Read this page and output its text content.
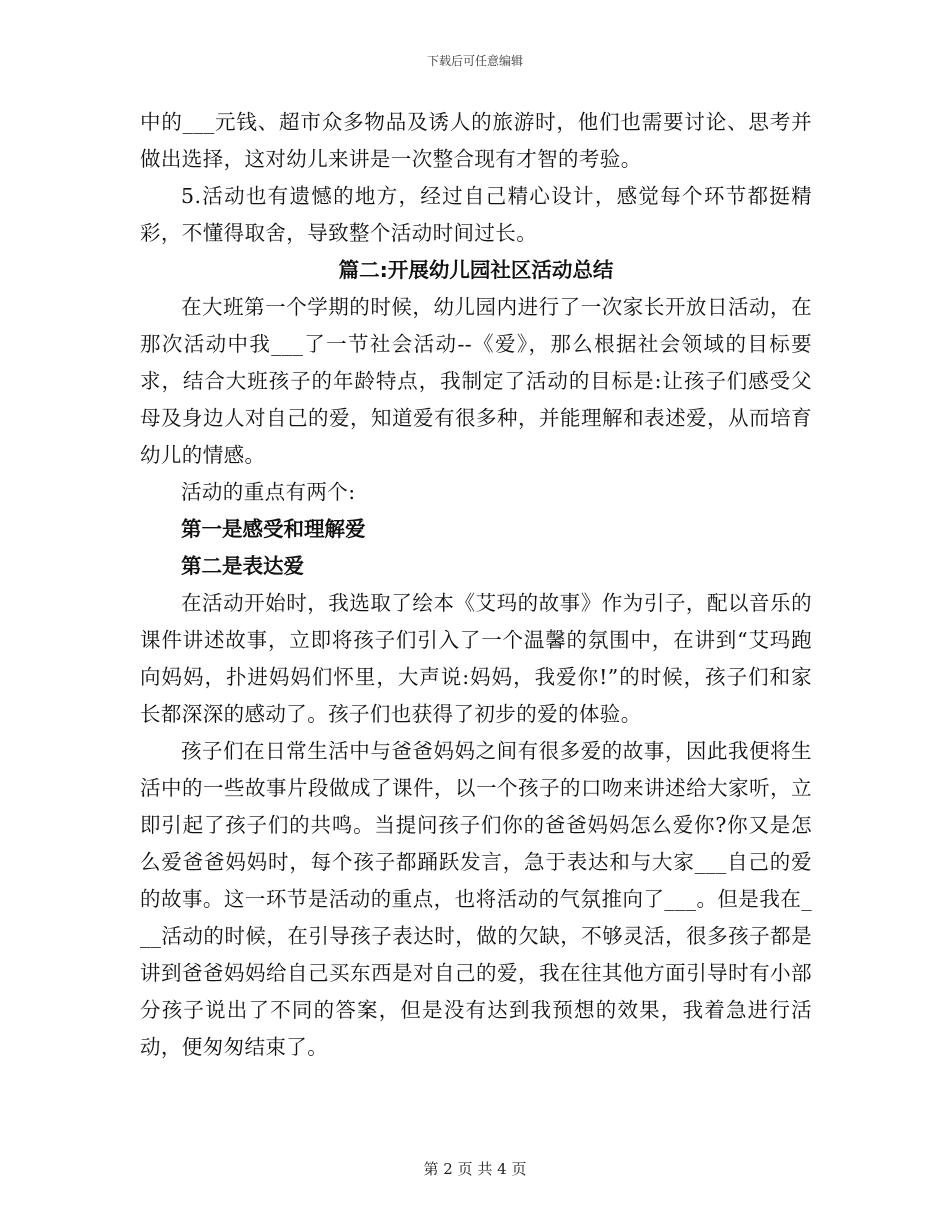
下载后可任意编辑

中的___元钱、超市众多物品及诱人的旅游时，他们也需要讨论、思考并做出选择，这对幼儿来讲是一次整合现有才智的考验。

5.活动也有遗憾的地方，经过自己精心设计，感觉每个环节都挺精彩，不懂得取舍，导致整个活动时间过长。

篇二:开展幼儿园社区活动总结

在大班第一个学期的时候，幼儿园内进行了一次家长开放日活动，在那次活动中我___了一节社会活动--《爱》，那么根据社会领域的目标要求，结合大班孩子的年龄特点，我制定了活动的目标是:让孩子们感受父母及身边人对自己的爱，知道爱有很多种，并能理解和表述爱，从而培育幼儿的情感。

活动的重点有两个:

第一是感受和理解爱

第二是表达爱

在活动开始时，我选取了绘本《艾玛的故事》作为引子，配以音乐的课件讲述故事，立即将孩子们引入了一个温馨的氛围中，在讲到“艾玛跑向妈妈，扑进妈妈们怀里，大声说:妈妈，我爱你!”的时候，孩子们和家长都深深的感动了。孩子们也获得了初步的爱的体验。

孩子们在日常生活中与爸爸妈妈之间有很多爱的故事，因此我便将生活中的一些故事片段做成了课件，以一个孩子的口吻来讲述给大家听，立即引起了孩子们的共鸣。当提问孩子们你的爸爸妈妈怎么爱你?你又是怎么爱爸爸妈妈时，每个孩子都踊跃发言，急于表达和与大家___自己的爱的故事。这一环节是活动的重点，也将活动的气氛推向了___。但是我在___活动的时候，在引导孩子表达时，做的欠缺，不够灵活，很多孩子都是讲到爸爸妈妈给自己买东西是对自己的爱，我在往其他方面引导时有小部分孩子说出了不同的答案，但是没有达到我预想的效果，我着急进行活动，便匆匆结束了。

第 2 页 共 4 页
